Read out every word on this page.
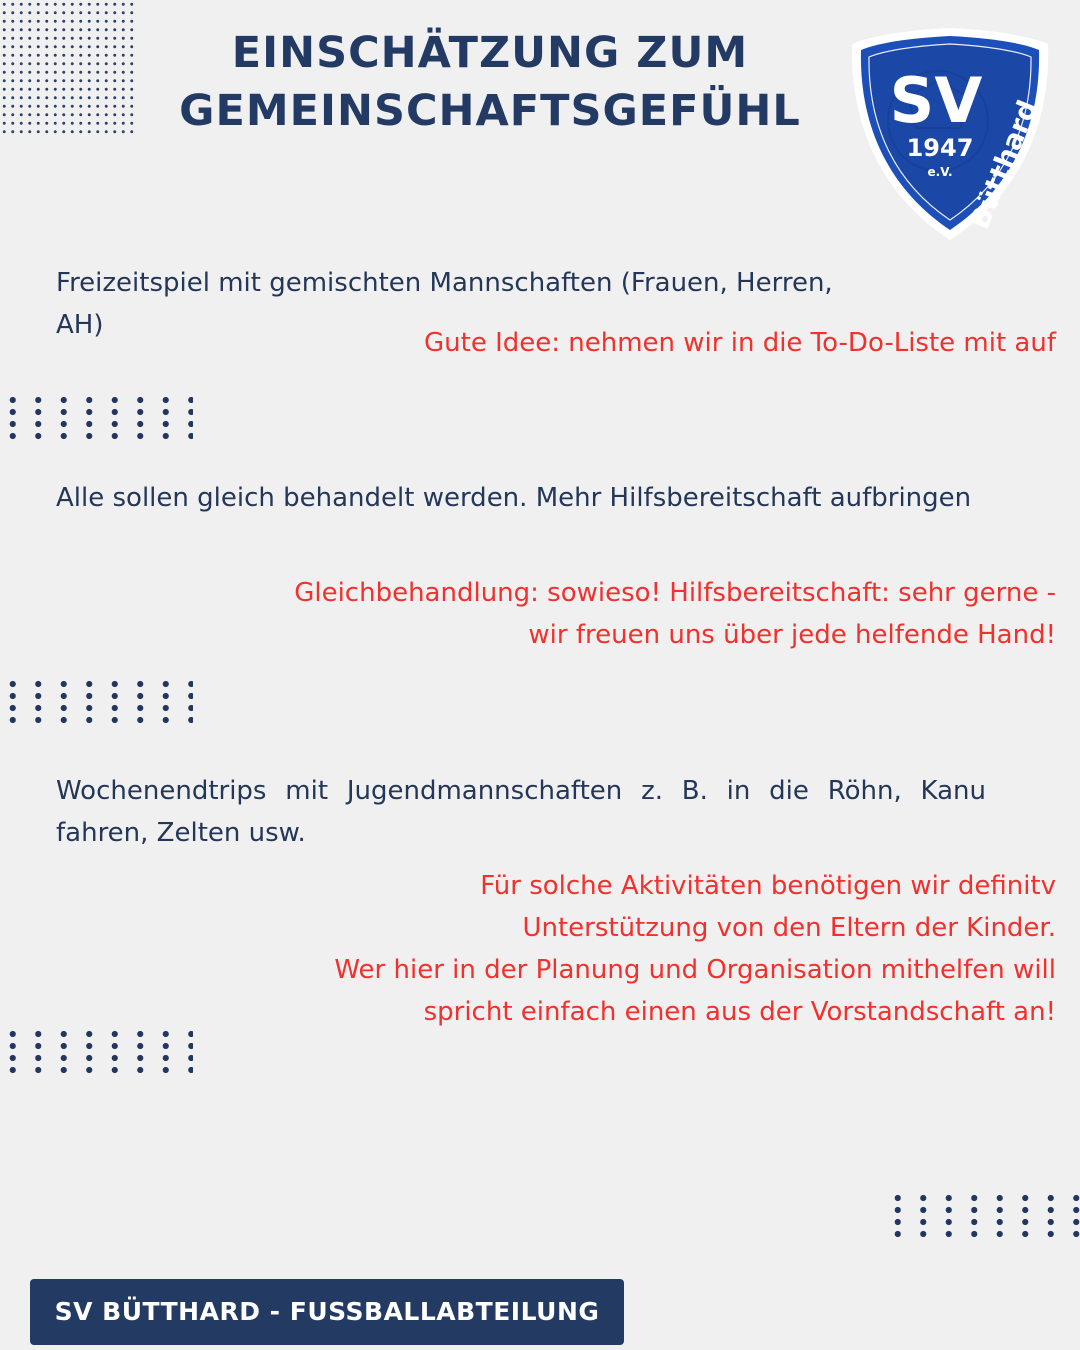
EINSCHÄTZUNG ZUM
GEMEINSCHAFTSGEFÜHL	SV
1947
e.V. Bütthard

Freizeitspiel mit gemischten Mannschaften (Frauen, Herren, AH)

Gute Idee: nehmen wir in die To-Do-Liste mit auf

Alle sollen gleich behandelt werden. Mehr Hilfsbereitschaft aufbringen

Gleichbehandlung: sowieso! Hilfsbereitschaft: sehr gerne -
wir freuen uns über jede helfende Hand!

Wochenendtrips mit Jugendmannschaften z. B. in die Röhn, Kanu fahren, Zelten usw.

Für solche Aktivitäten benötigen wir definitv
Unterstützung von den Eltern der Kinder.
Wer hier in der Planung und Organisation mithelfen will
spricht einfach einen aus der Vorstandschaft an!

SV BÜTTHARD - FUSSBALLABTEILUNG
